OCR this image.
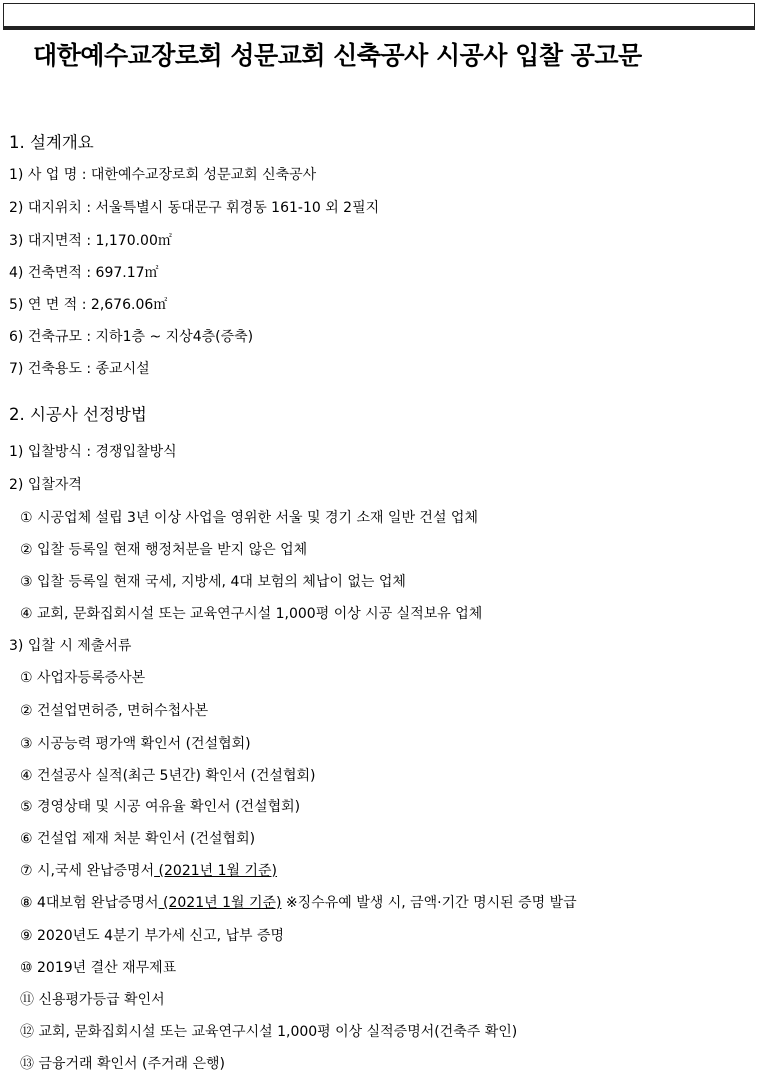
대한예수교장로회 성문교회 신축공사 시공사 입찰 공고문
1. 설계개요
1) 사 업 명 : 대한예수교장로회 성문교회 신축공사
2) 대지위치 : 서울특별시 동대문구 휘경동 161-10 외 2필지
3) 대지면적 : 1,170.00㎡
4) 건축면적 : 697.17㎡
5) 연 면 적 : 2,676.06㎡
6) 건축규모 : 지하1층 ~ 지상4층(증축)
7) 건축용도 : 종교시설
2. 시공사 선정방법
1) 입찰방식 : 경쟁입찰방식
2) 입찰자격
① 시공업체 설립 3년 이상 사업을 영위한 서울 및 경기 소재 일반 건설 업체
② 입찰 등록일 현재 행정처분을 받지 않은 업체
③ 입찰 등록일 현재 국세, 지방세, 4대 보험의 체납이 없는 업체
④ 교회, 문화집회시설 또는 교육연구시설 1,000평 이상 시공 실적보유 업체
3) 입찰 시 제출서류
① 사업자등록증사본
② 건설업면허증, 면허수첩사본
③ 시공능력 평가액 확인서 (건설협회)
④ 건설공사 실적(최근 5년간) 확인서 (건설협회)
⑤ 경영상태 및 시공 여유율 확인서 (건설협회)
⑥ 건설업 제재 처분 확인서 (건설협회)
⑦ 시,국세 완납증명서 (2021년 1월 기준)
⑧ 4대보험 완납증명서 (2021년 1월 기준) ※징수유예 발생 시, 금액·기간 명시된 증명 발급
⑨ 2020년도 4분기 부가세 신고, 납부 증명
⑩ 2019년 결산 재무제표
⑪ 신용평가등급 확인서
⑫ 교회, 문화집회시설 또는 교육연구시설 1,000평 이상 실적증명서(건축주 확인)
⑬ 금융거래 확인서 (주거래 은행)
